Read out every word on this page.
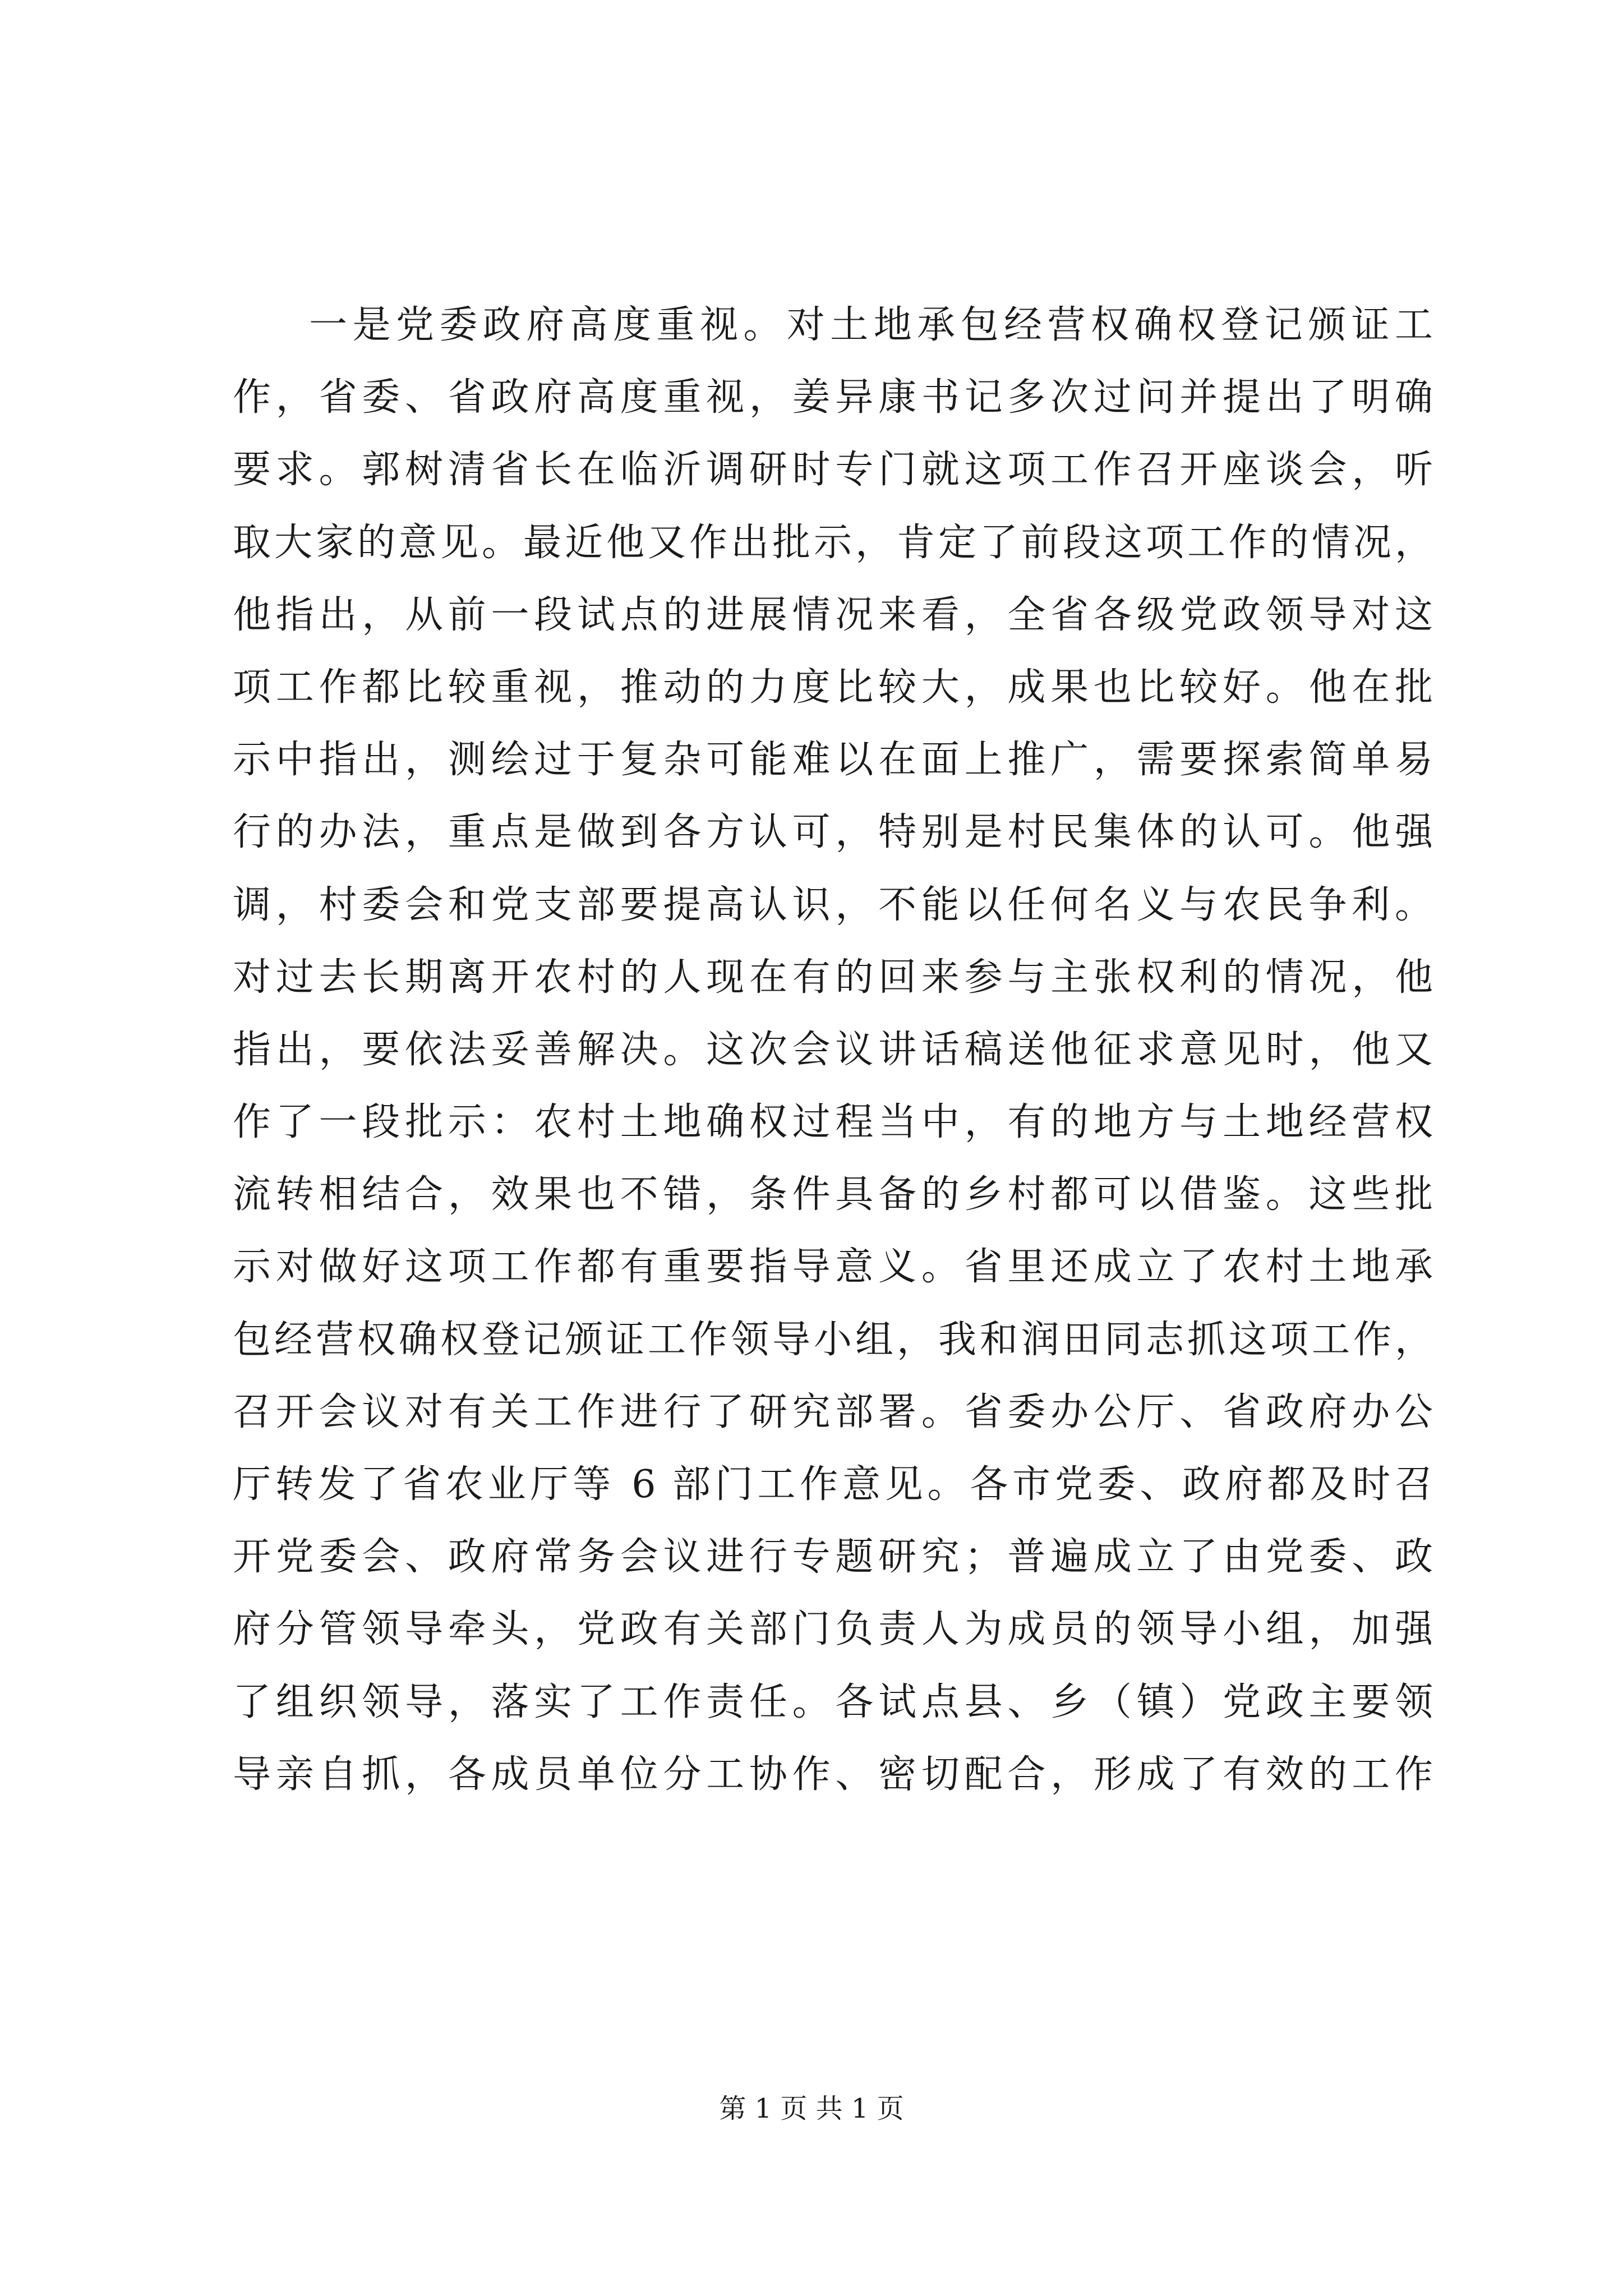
一是党委政府高度重视。对土地承包经营权确权登记颁证工
作，省委、省政府高度重视，姜异康书记多次过问并提出了明确
要求。郭树清省长在临沂调研时专门就这项工作召开座谈会，听
取大家的意见。最近他又作出批示，肯定了前段这项工作的情况，
他指出，从前一段试点的进展情况来看，全省各级党政领导对这
项工作都比较重视，推动的力度比较大，成果也比较好。他在批
示中指出，测绘过于复杂可能难以在面上推广，需要探索简单易
行的办法，重点是做到各方认可，特别是村民集体的认可。他强
调，村委会和党支部要提高认识，不能以任何名义与农民争利。
对过去长期离开农村的人现在有的回来参与主张权利的情况，他
指出，要依法妥善解决。这次会议讲话稿送他征求意见时，他又
作了一段批示：农村土地确权过程当中，有的地方与土地经营权
流转相结合，效果也不错，条件具备的乡村都可以借鉴。这些批
示对做好这项工作都有重要指导意义。省里还成立了农村土地承
包经营权确权登记颁证工作领导小组，我和润田同志抓这项工作，
召开会议对有关工作进行了研究部署。省委办公厅、省政府办公
厅转发了省农业厅等 6 部门工作意见。各市党委、政府都及时召
开党委会、政府常务会议进行专题研究；普遍成立了由党委、政
府分管领导牵头，党政有关部门负责人为成员的领导小组，加强
了组织领导，落实了工作责任。各试点县、乡（镇）党政主要领
导亲自抓，各成员单位分工协作、密切配合，形成了有效的工作
第 1 页 共 1 页
